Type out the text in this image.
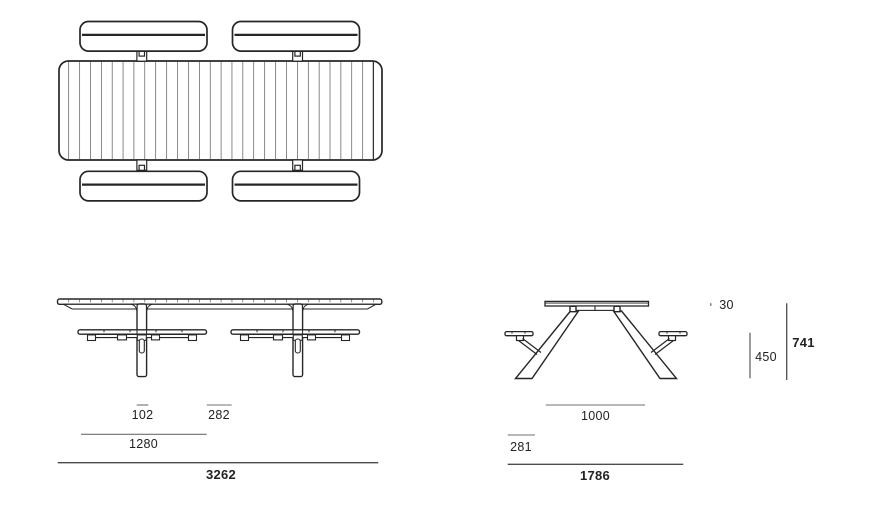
102	282
1280
3262
1000
281
1786
30
450
741
